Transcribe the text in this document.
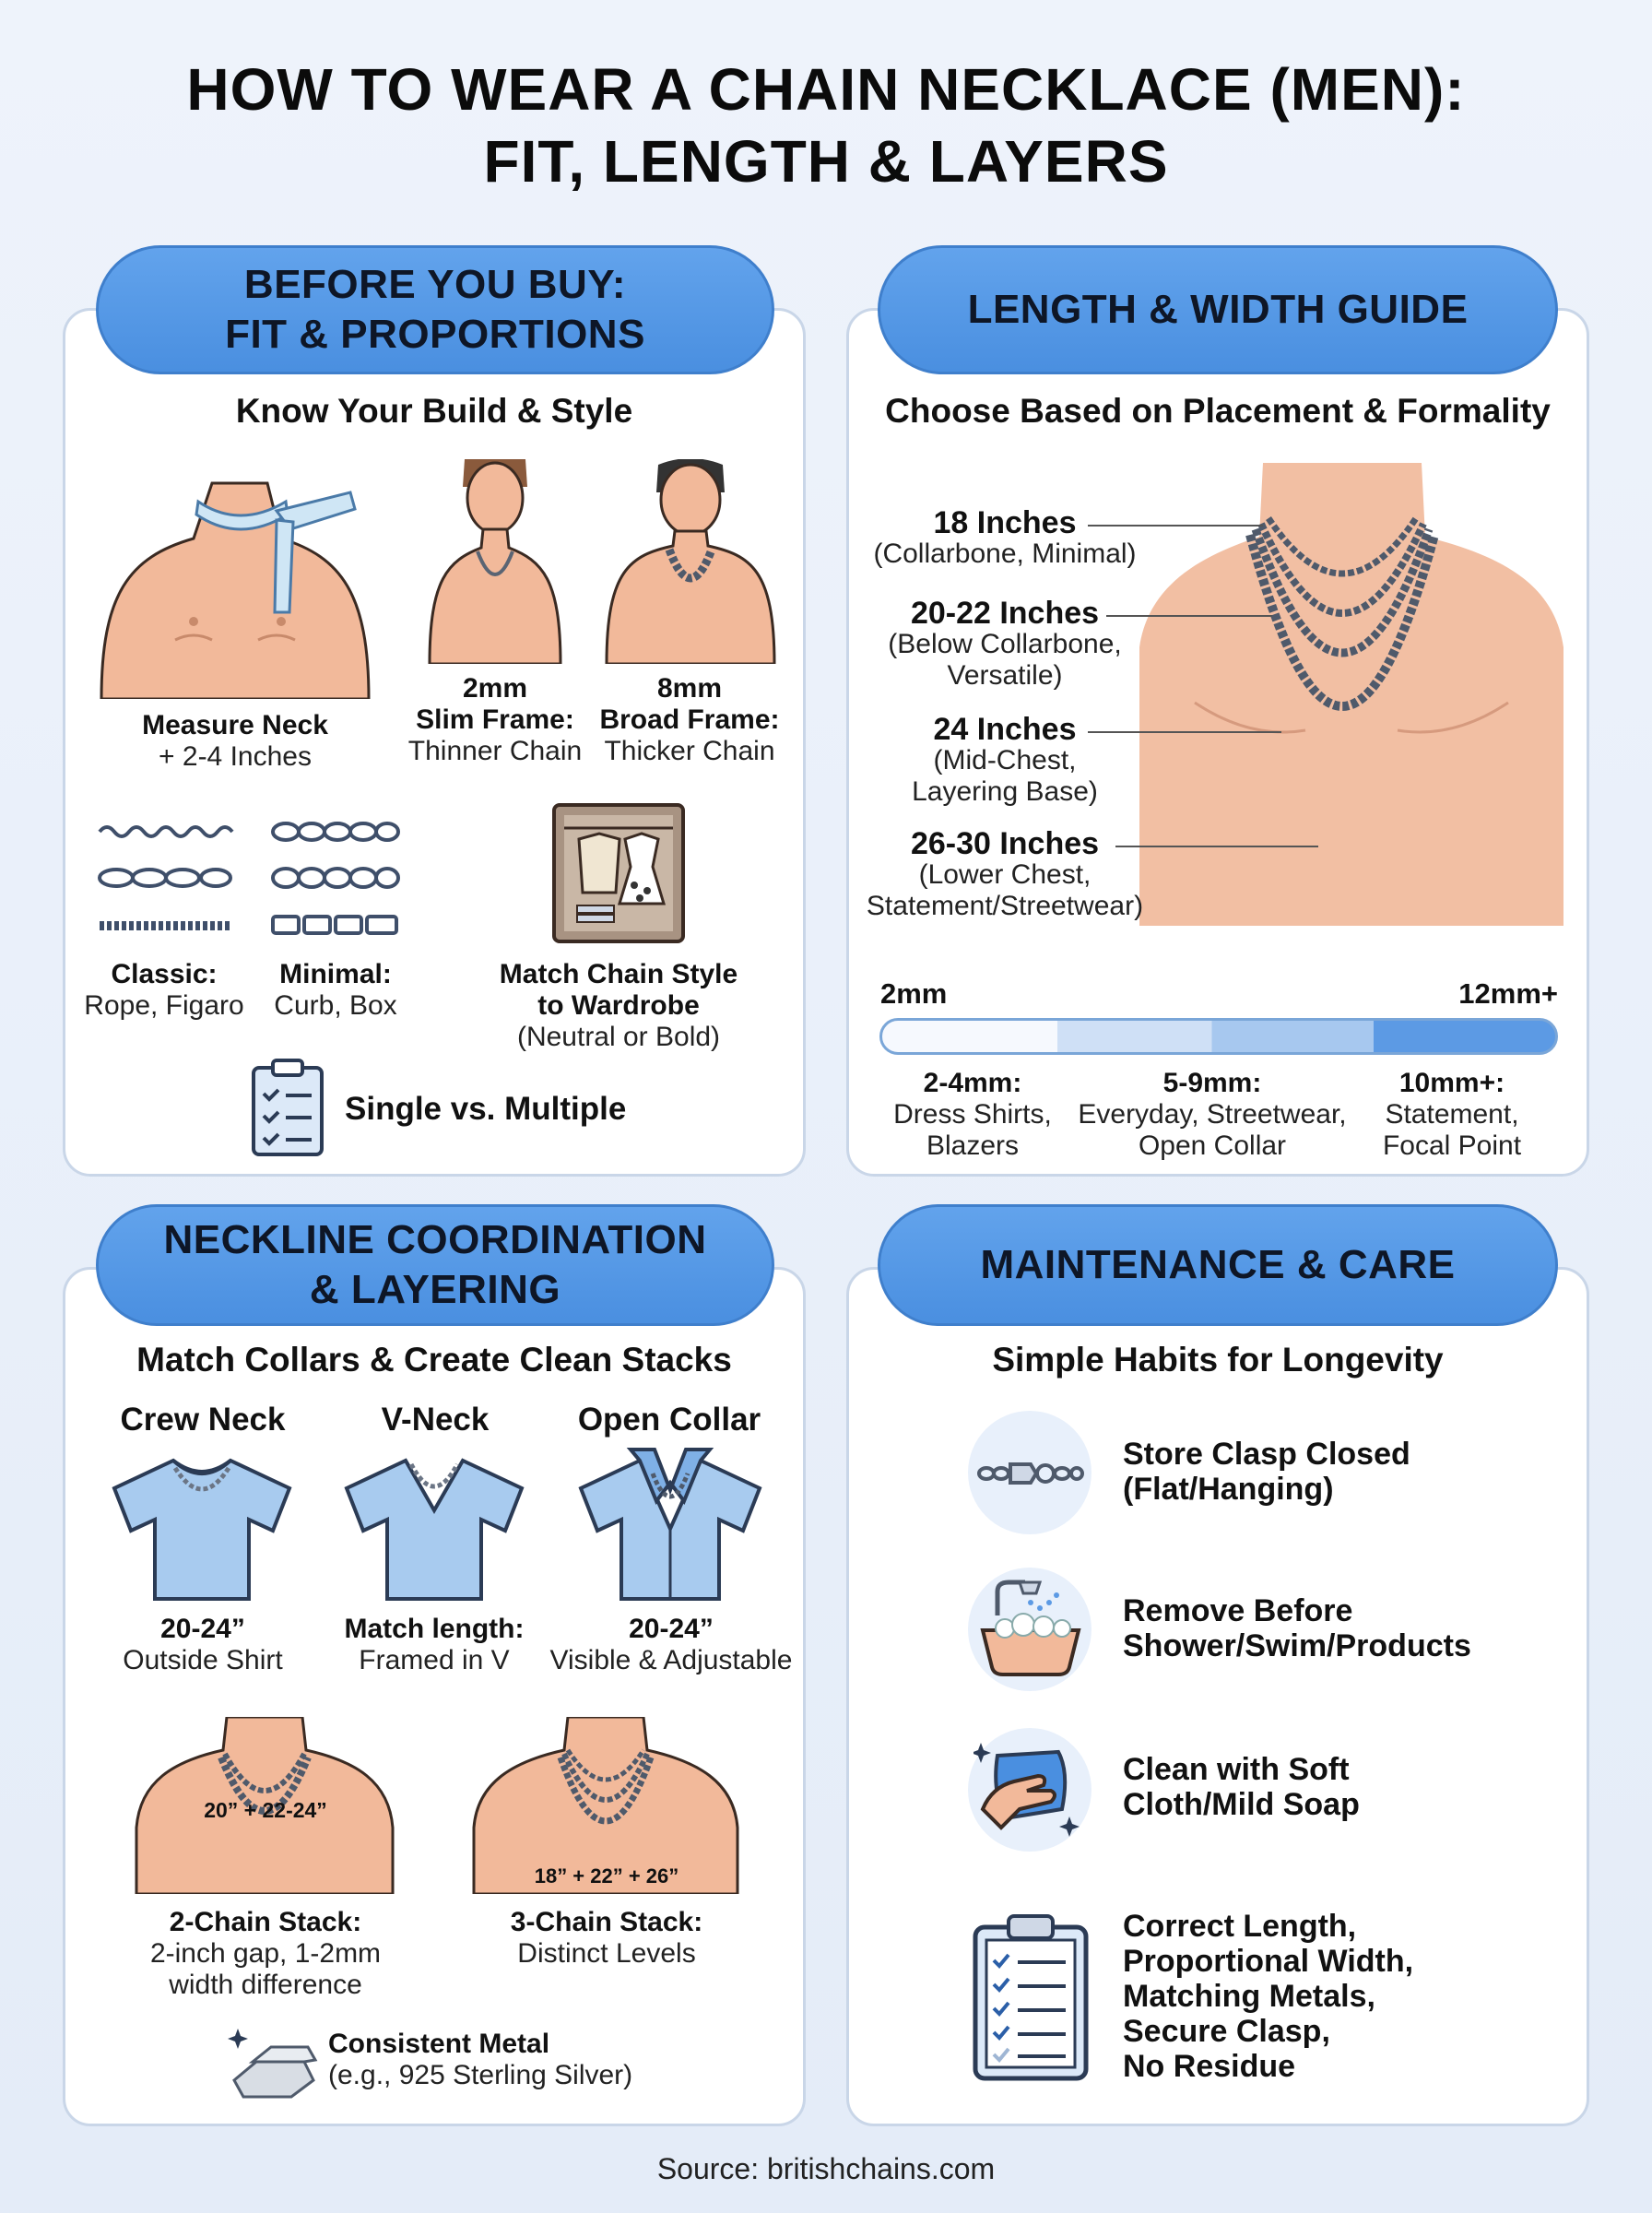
HOW TO WEAR A CHAIN NECKLACE (MEN):
FIT, LENGTH & LAYERS
BEFORE YOU BUY:
FIT & PROPORTIONS
Know Your Build & Style
Measure Neck
+ 2-4 Inches
2mm
Slim Frame:
Thinner Chain
8mm
Broad Frame:
Thicker Chain
Classic:
Rope, Figaro
Minimal:
Curb, Box
Match Chain Style
to Wardrobe
(Neutral or Bold)
Single vs. Multiple
LENGTH & WIDTH GUIDE
Choose Based on Placement & Formality
18 Inches
(Collarbone, Minimal)
20-22 Inches
(Below Collarbone,
Versatile)
24 Inches
(Mid-Chest,
Layering Base)
26-30 Inches
(Lower Chest,
Statement/Streetwear)
2mm	12mm+
2-4mm:
Dress Shirts,
Blazers
5-9mm:
Everyday, Streetwear,
Open Collar
10mm+:
Statement,
Focal Point
NECKLINE COORDINATION
& LAYERING
Match Collars & Create Clean Stacks
Crew Neck	V-Neck	Open Collar
20-24”
Outside Shirt
Match length:
Framed in V
20-24”
Visible & Adjustable
20” + 22-24”
18” + 22” + 26”
2-Chain Stack:
2-inch gap, 1-2mm
width difference
3-Chain Stack:
Distinct Levels
Consistent Metal
(e.g., 925 Sterling Silver)
MAINTENANCE & CARE
Simple Habits for Longevity
Store Clasp Closed
(Flat/Hanging)
Remove Before
Shower/Swim/Products
Clean with Soft
Cloth/Mild Soap
Correct Length,
Proportional Width,
Matching Metals,
Secure Clasp,
No Residue
Source: britishchains.com
